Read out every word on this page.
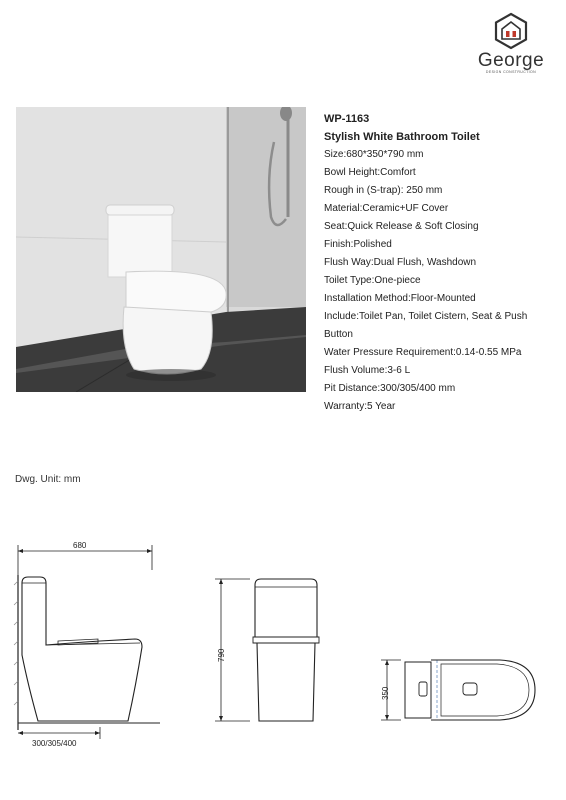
George
DESIGN CONSTRUCTION
WP-1163
Stylish White Bathroom Toilet
Size:680*350*790 mm
Bowl Height:Comfort
Rough in (S-trap): 250 mm
Material:Ceramic+UF Cover
Seat:Quick Release & Soft Closing
Finish:Polished
Flush Way:Dual Flush, Washdown
Toilet Type:One-piece
Installation Method:Floor-Mounted
Include:Toilet Pan, Toilet Cistern, Seat & Push
Button
Water Pressure Requirement:0.14-0.55 MPa
Flush Volume:3-6 L
Pit Distance:300/305/400 mm
Warranty:5 Year
Dwg. Unit: mm
680
300/305/400
790
350
